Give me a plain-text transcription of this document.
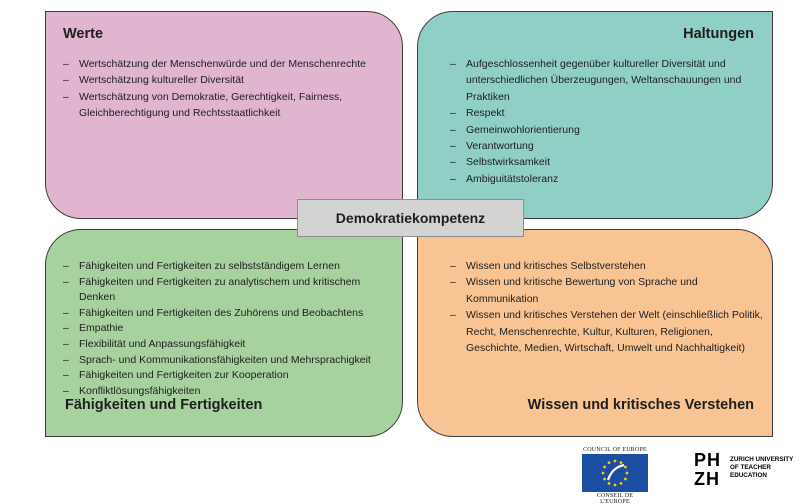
Werte
– Wertschätzung der Menschenwürde und der Menschenrechte
– Wertschätzung kultureller Diversität
– Wertschätzung von Demokratie, Gerechtigkeit, Fairness, Gleichberechtigung und Rechtsstaatlichkeit
Haltungen
– Aufgeschlossenheit gegenüber kultureller Diversität und unterschiedlichen Überzeugungen, Weltanschauungen und Praktiken
– Respekt
– Gemeinwohlorientierung
– Verantwortung
– Selbstwirksamkeit
– Ambiguitätstoleranz
– Fähigkeiten und Fertigkeiten zu selbstständigem Lernen
– Fähigkeiten und Fertigkeiten zu analytischem und kritischem Denken
– Fähigkeiten und Fertigkeiten des Zuhörens und Beobachtens
– Empathie
– Flexibilität und Anpassungsfähigkeit
– Sprach- und Kommunikationsfähigkeiten und Mehrsprachigkeit
– Fähigkeiten und Fertigkeiten zur Kooperation
– Konfliktlösungsfähigkeiten
Fähigkeiten und Fertigkeiten
– Wissen und kritisches Selbstverstehen
– Wissen und kritische Bewertung von Sprache und Kommunikation
– Wissen und kritisches Verstehen der Welt (einschließlich Politik, Recht, Menschenrechte, Kultur, Kulturen, Religionen, Geschichte, Medien, Wirtschaft, Umwelt und Nachhaltigkeit)
Wissen und kritisches Verstehen
Demokratiekompetenz
COUNCIL OF EUROPE
CONSEIL DE L'EUROPE
PH
ZH
ZURICH UNIVERSITY
OF TEACHER
EDUCATION
